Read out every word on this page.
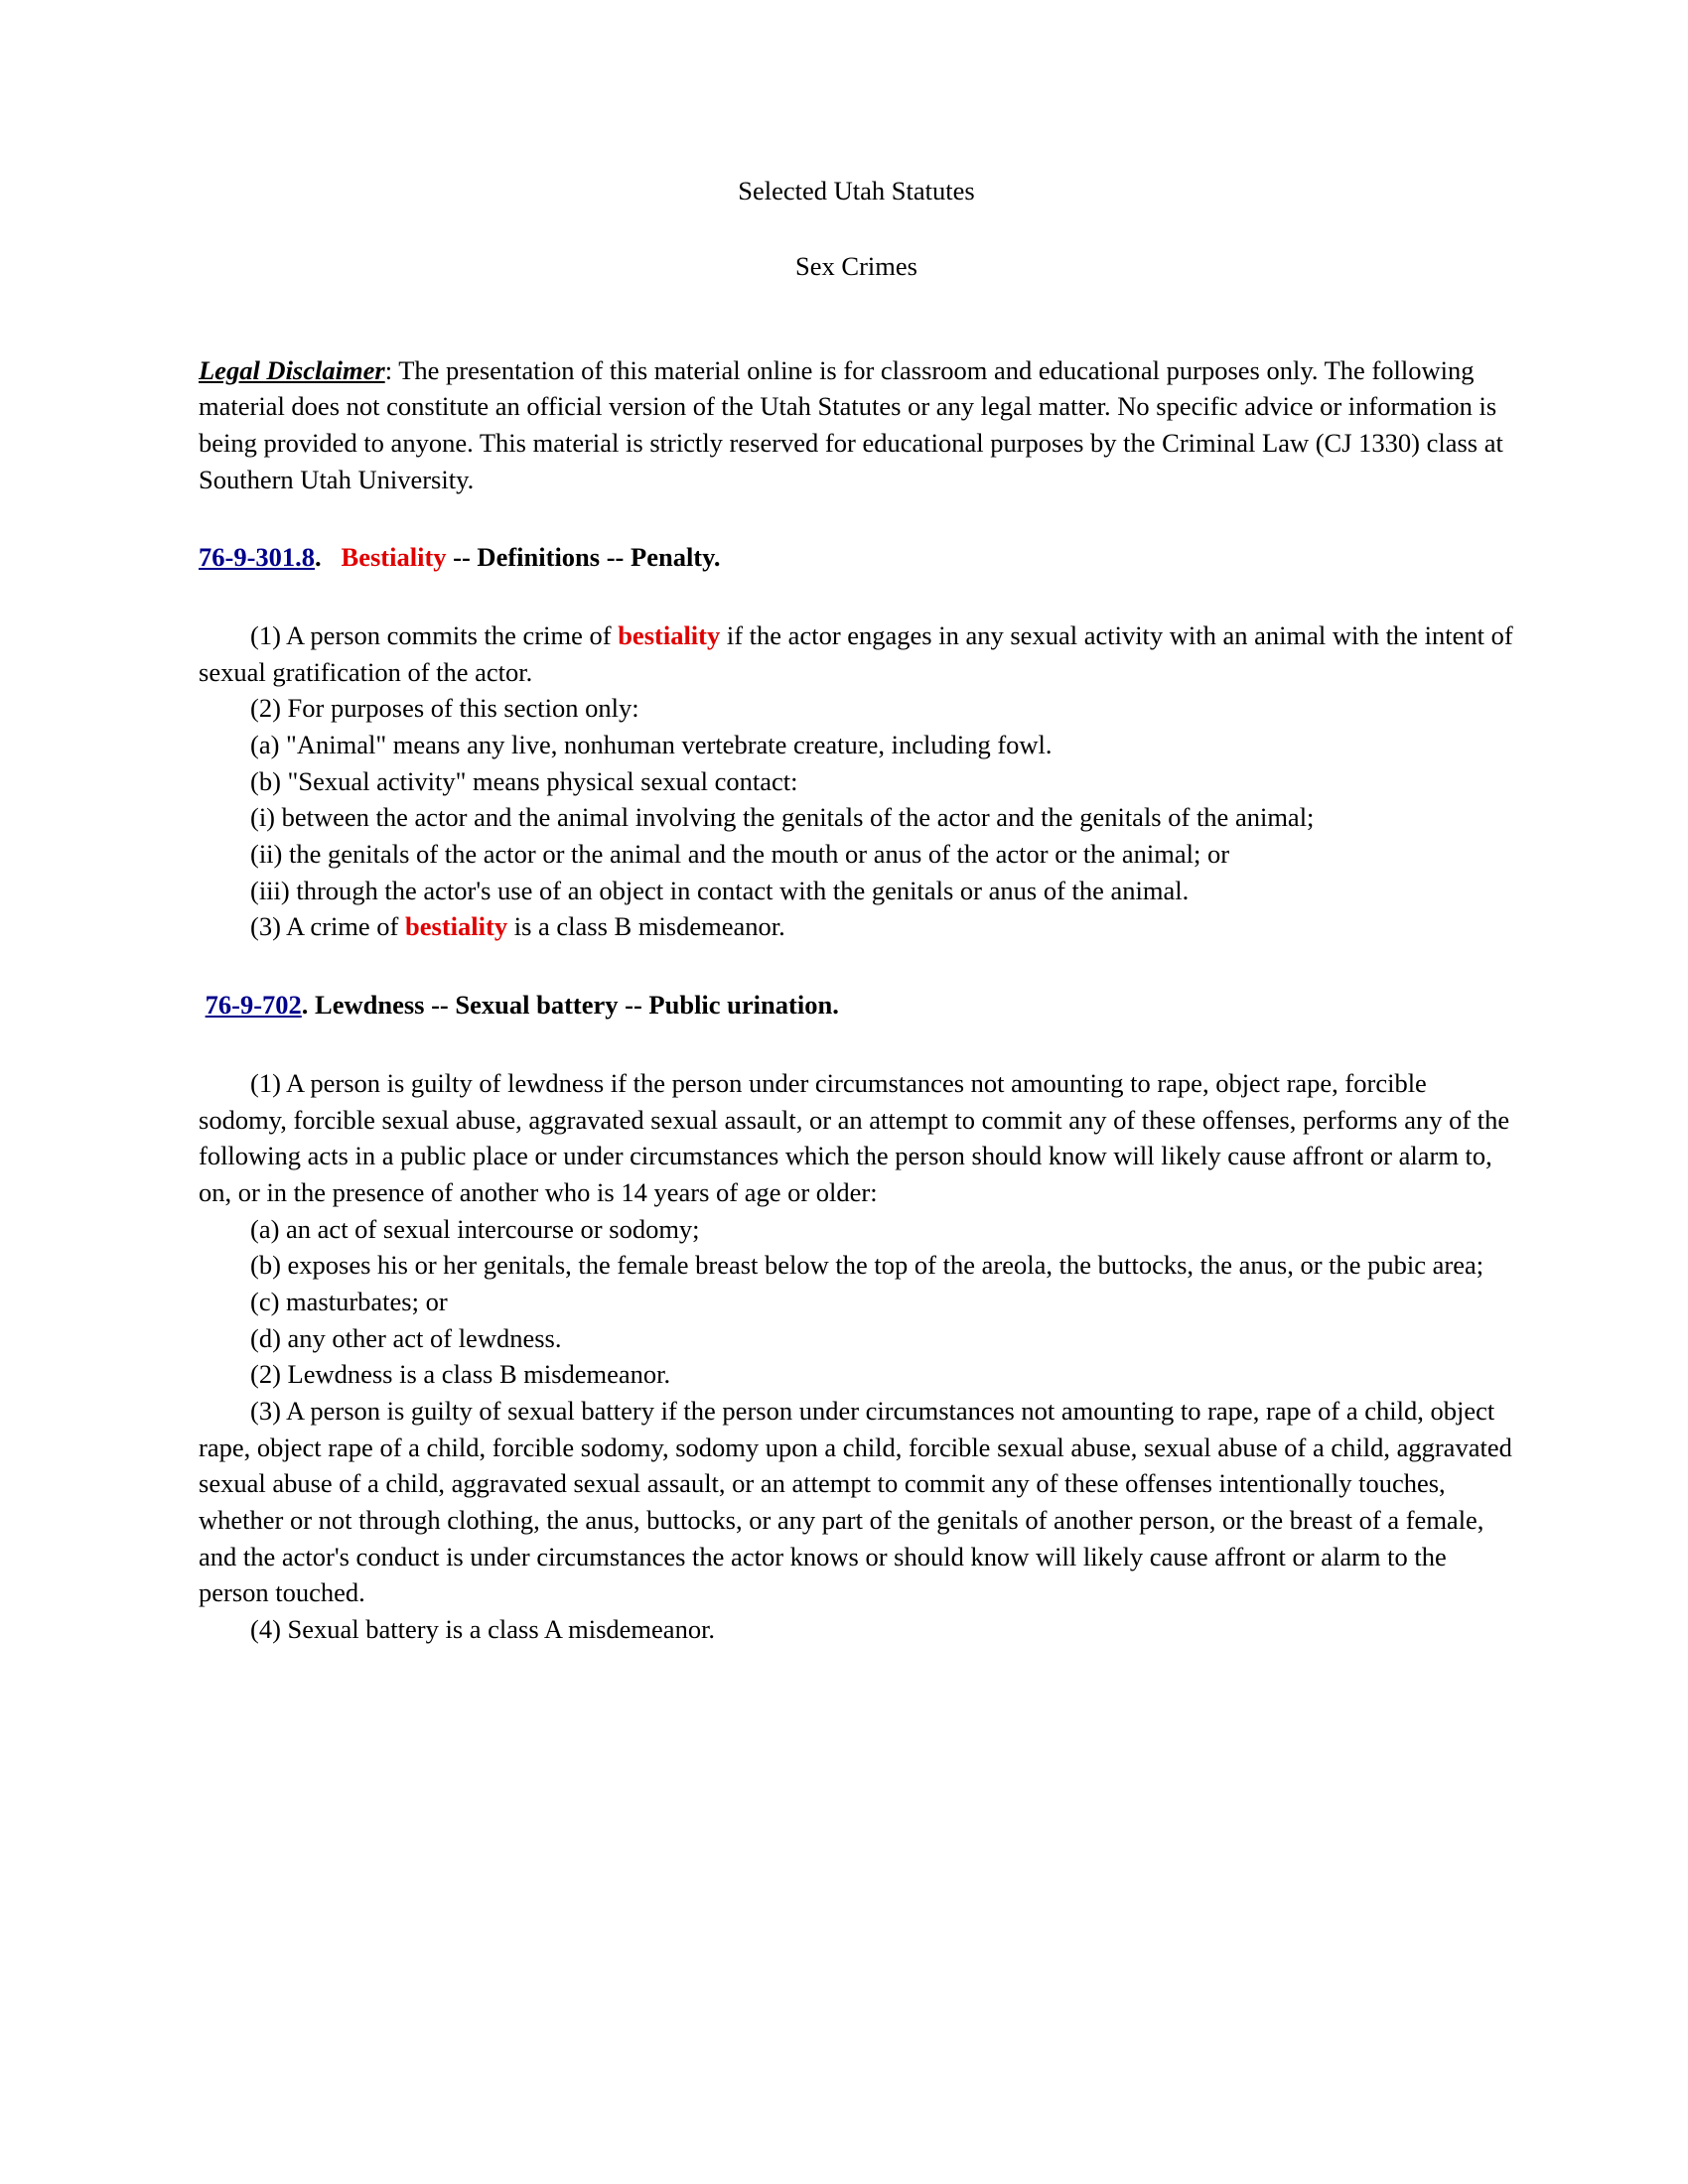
Selected Utah Statutes
Sex Crimes

Legal Disclaimer: The presentation of this material online is for classroom and educational purposes only. The following material does not constitute an official version of the Utah Statutes or any legal matter. No specific advice or information is being provided to anyone. This material is strictly reserved for educational purposes by the Criminal Law (CJ 1330) class at Southern Utah University.

76-9-301.8.   Bestiality -- Definitions -- Penalty.

(1) A person commits the crime of bestiality if the actor engages in any sexual activity with an animal with the intent of sexual gratification of the actor.

(2) For purposes of this section only:

(a) "Animal" means any live, nonhuman vertebrate creature, including fowl.

(b) "Sexual activity" means physical sexual contact:

(i) between the actor and the animal involving the genitals of the actor and the genitals of the animal;

(ii) the genitals of the actor or the animal and the mouth or anus of the actor or the animal; or

(iii) through the actor's use of an object in contact with the genitals or anus of the animal.

(3) A crime of bestiality is a class B misdemeanor.

76-9-702. Lewdness -- Sexual battery -- Public urination.

(1) A person is guilty of lewdness if the person under circumstances not amounting to rape, object rape, forcible sodomy, forcible sexual abuse, aggravated sexual assault, or an attempt to commit any of these offenses, performs any of the following acts in a public place or under circumstances which the person should know will likely cause affront or alarm to, on, or in the presence of another who is 14 years of age or older:

(a) an act of sexual intercourse or sodomy;

(b) exposes his or her genitals, the female breast below the top of the areola, the buttocks, the anus, or the pubic area;

(c) masturbates; or

(d) any other act of lewdness.

(2) Lewdness is a class B misdemeanor.

(3) A person is guilty of sexual battery if the person under circumstances not amounting to rape, rape of a child, object rape, object rape of a child, forcible sodomy, sodomy upon a child, forcible sexual abuse, sexual abuse of a child, aggravated sexual abuse of a child, aggravated sexual assault, or an attempt to commit any of these offenses intentionally touches, whether or not through clothing, the anus, buttocks, or any part of the genitals of another person, or the breast of a female, and the actor's conduct is under circumstances the actor knows or should know will likely cause affront or alarm to the person touched.

(4) Sexual battery is a class A misdemeanor.
